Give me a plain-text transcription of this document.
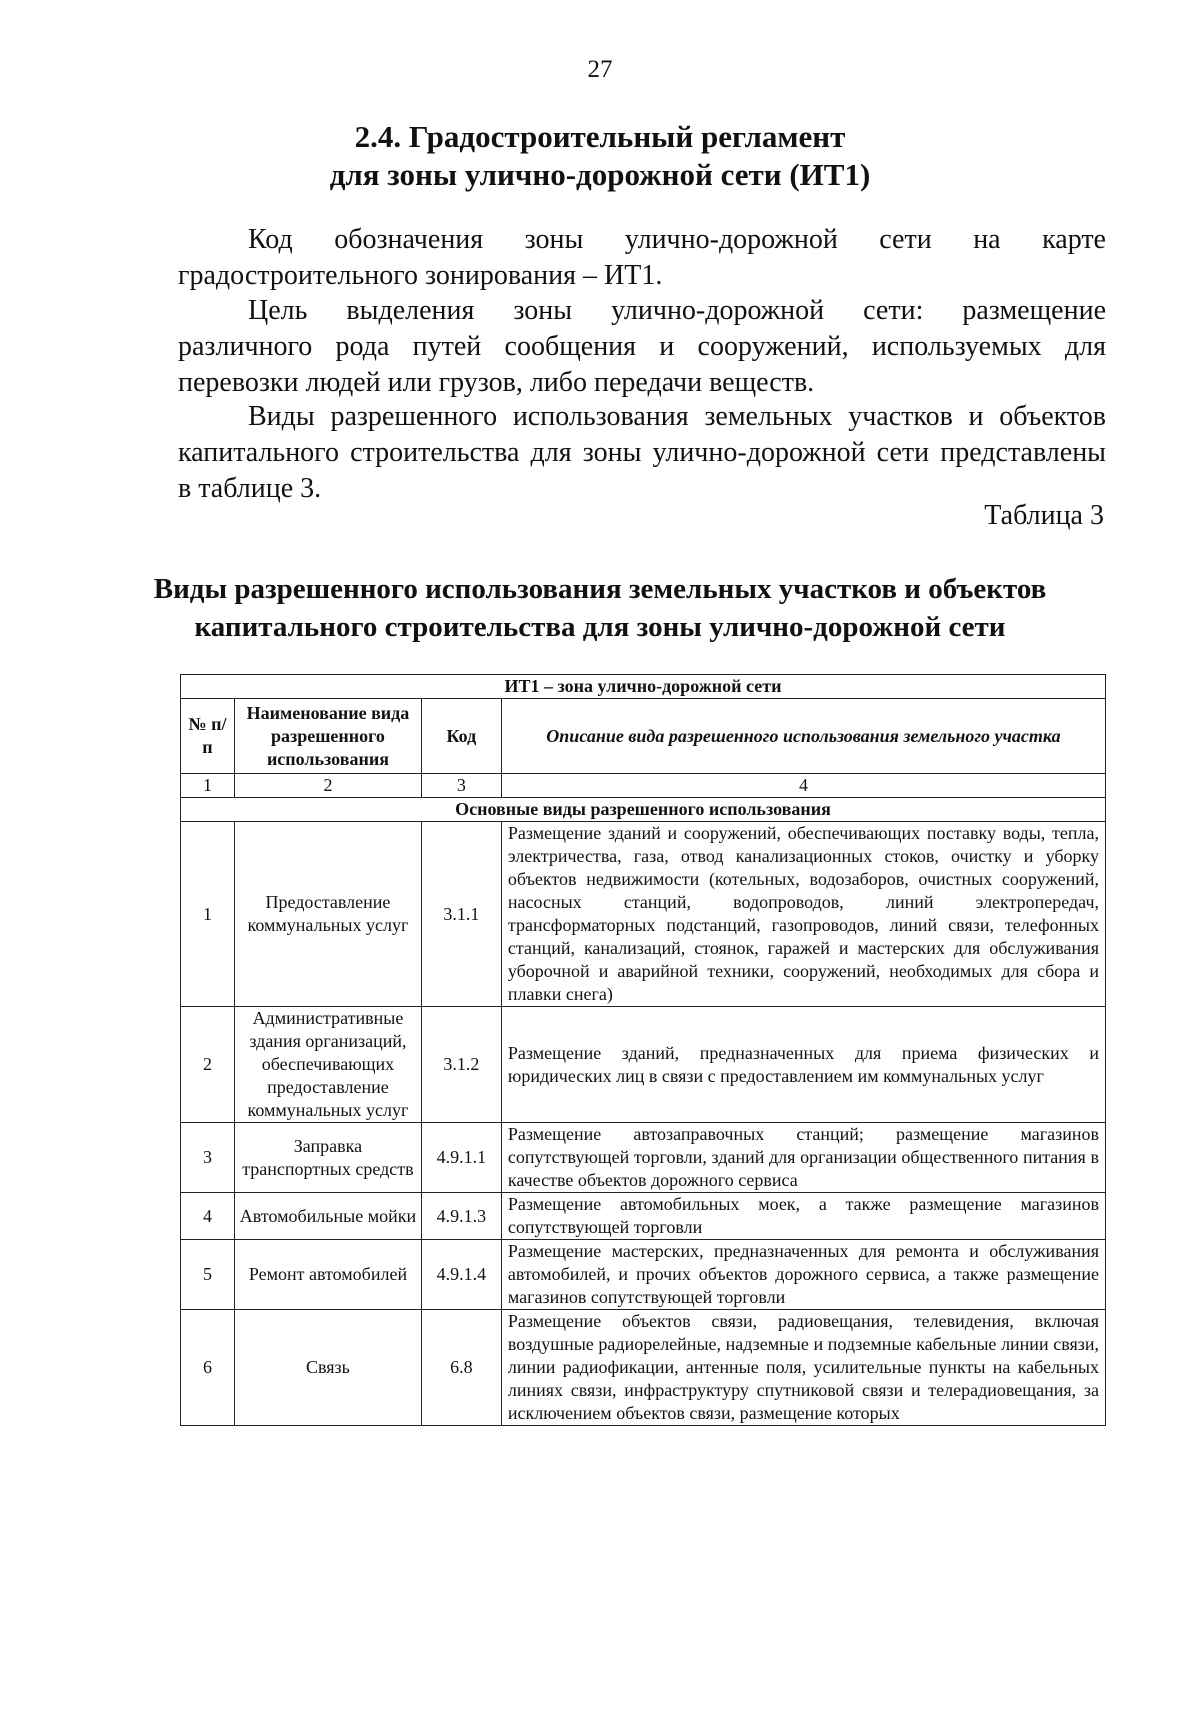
27
2.4. Градостроительный регламент
для зоны улично-дорожной сети (ИТ1)
Код обозначения зоны улично-дорожной сети на карте
градостроительного зонирования – ИТ1.
Цель выделения зоны улично-дорожной сети: размещение
различного рода путей сообщения и сооружений, используемых для
перевозки людей или грузов, либо передачи веществ.
Виды разрешенного использования земельных участков и объектов
капитального строительства для зоны улично-дорожной сети представлены
в таблице 3.
Таблица 3
Виды разрешенного использования земельных участков и объектов
капитального строительства для зоны улично-дорожной сети
ИТ1 – зона улично-дорожной сети			
№ п/п	Наименование вида разрешенного использования	Код	Описание вида разрешенного использования земельного участка
1	2	3	4
Основные виды разрешенного использования			
1	Предоставление коммунальных услуг	3.1.1	Размещение зданий и сооружений, обеспечивающих поставку воды, тепла, электричества, газа, отвод канализационных стоков, очистку и уборку объектов недвижимости (котельных, водозаборов, очистных сооружений, насосных станций, водопроводов, линий электропередач, трансформаторных подстанций, газопроводов, линий связи, телефонных станций, канализаций, стоянок, гаражей и мастерских для обслуживания уборочной и аварийной техники, сооружений, необходимых для сбора и плавки снега)
2	Административные здания организаций, обеспечивающих предоставление коммунальных услуг	3.1.2	Размещение зданий, предназначенных для приема физических и юридических лиц в связи с предоставлением им коммунальных услуг
3	Заправка транспортных средств	4.9.1.1	Размещение автозаправочных станций; размещение магазинов сопутствующей торговли, зданий для организации общественного питания в качестве объектов дорожного сервиса
4	Автомобильные мойки	4.9.1.3	Размещение автомобильных моек, а также размещение магазинов сопутствующей торговли
5	Ремонт автомобилей	4.9.1.4	Размещение мастерских, предназначенных для ремонта и обслуживания автомобилей, и прочих объектов дорожного сервиса, а также размещение магазинов сопутствующей торговли
6	Связь	6.8	Размещение объектов связи, радиовещания, телевидения, включая воздушные радиорелейные, надземные и подземные кабельные линии связи, линии радиофикации, антенные поля, усилительные пункты на кабельных линиях связи, инфраструктуру спутниковой связи и телерадиовещания, за исключением объектов связи, размещение которых
